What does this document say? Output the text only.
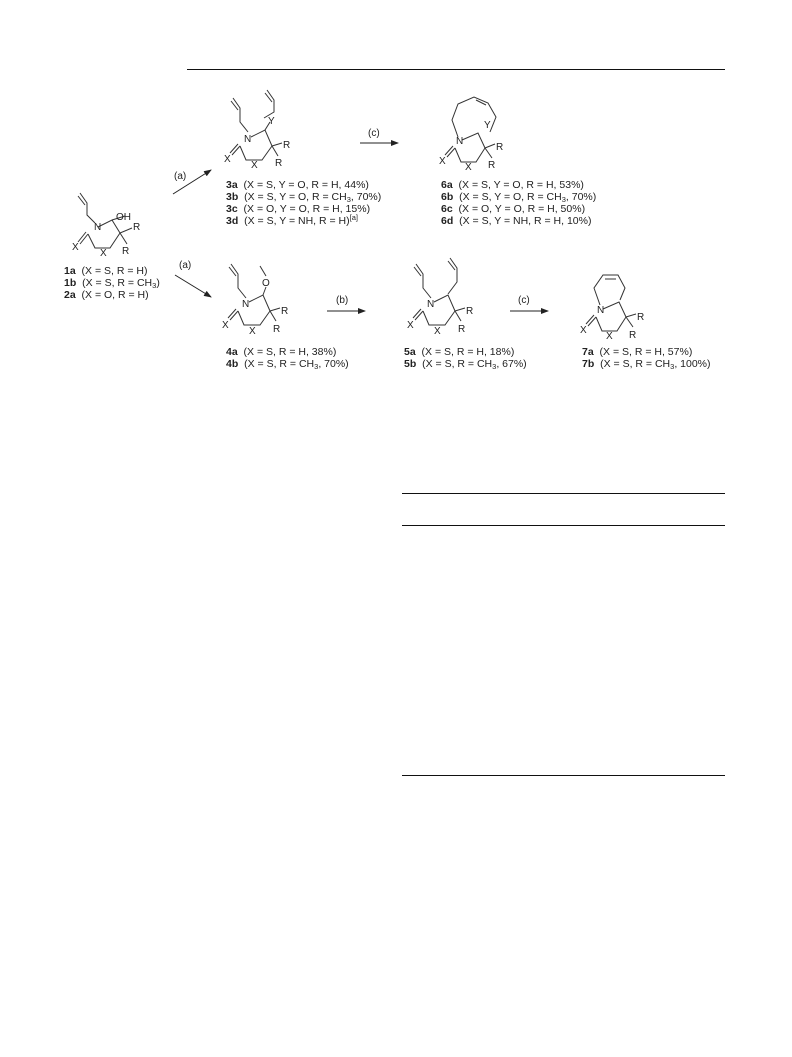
N
OH
X
X
R
R
(a)
(a)
N
Y
X
X
R
R
(c)
N
Y
X
X
R
R
N
O
X
X
R
R
(b)	N
X
X
R
R
(c)
N
X
X
R
R
1a (X = S, R = H)
1b (X = S, $R = CH_3$)
2a (X = O, R = H)
3a (X = S, Y = O, R = H, 44%)
3b (X = S, Y = O, $R = CH_3$, 70%)
3c (X = O, Y = O, R = H, 15%)
3d (X = S, Y = NH, R = H)[a]
6a (X = S, Y = O, R = H, 53%)
6b (X = S, Y = O, $R = CH_3$, 70%)
6c (X = O, Y = O, R = H, 50%)
6d (X = S, Y = NH, R = H, 10%)
4a (X = S, R = H, 38%)
4b (X = S, $R = CH_3$, 70%)
5a (X = S, R = H, 18%)
5b (X = S, $R = CH_3$, 67%)
7a (X = S, R = H, 57%)
7b (X = S, $R = CH_3$, 100%)
